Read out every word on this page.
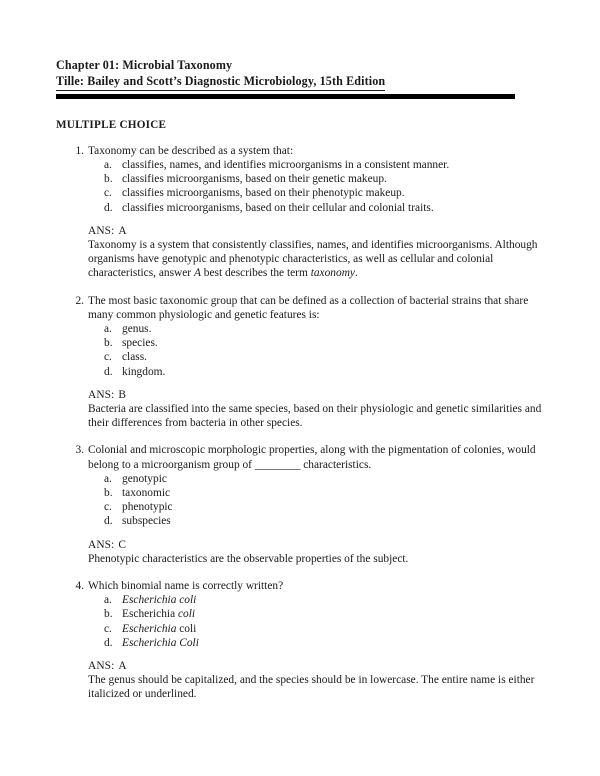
Chapter 01: Microbial Taxonomy
Tille: Bailey and Scott’s Diagnostic Microbiology, 15th Edition
MULTIPLE CHOICE
1. Taxonomy can be described as a system that:
a. classifies, names, and identifies microorganisms in a consistent manner.
b. classifies microorganisms, based on their genetic makeup.
c. classifies microorganisms, based on their phenotypic makeup.
d. classifies microorganisms, based on their cellular and colonial traits.
ANS: A
Taxonomy is a system that consistently classifies, names, and identifies microorganisms. Although organisms have genotypic and phenotypic characteristics, as well as cellular and colonial characteristics, answer A best describes the term taxonomy.
2. The most basic taxonomic group that can be defined as a collection of bacterial strains that share many common physiologic and genetic features is:
a. genus.
b. species.
c. class.
d. kingdom.
ANS: B
Bacteria are classified into the same species, based on their physiologic and genetic similarities and their differences from bacteria in other species.
3. Colonial and microscopic morphologic properties, along with the pigmentation of colonies, would belong to a microorganism group of ________ characteristics.
a. genotypic
b. taxonomic
c. phenotypic
d. subspecies
ANS: C
Phenotypic characteristics are the observable properties of the subject.
4. Which binomial name is correctly written?
a. Escherichia coli
b. Escherichia coli
c. Escherichia coli
d. Escherichia Coli
ANS: A
The genus should be capitalized, and the species should be in lowercase. The entire name is either italicized or underlined.
